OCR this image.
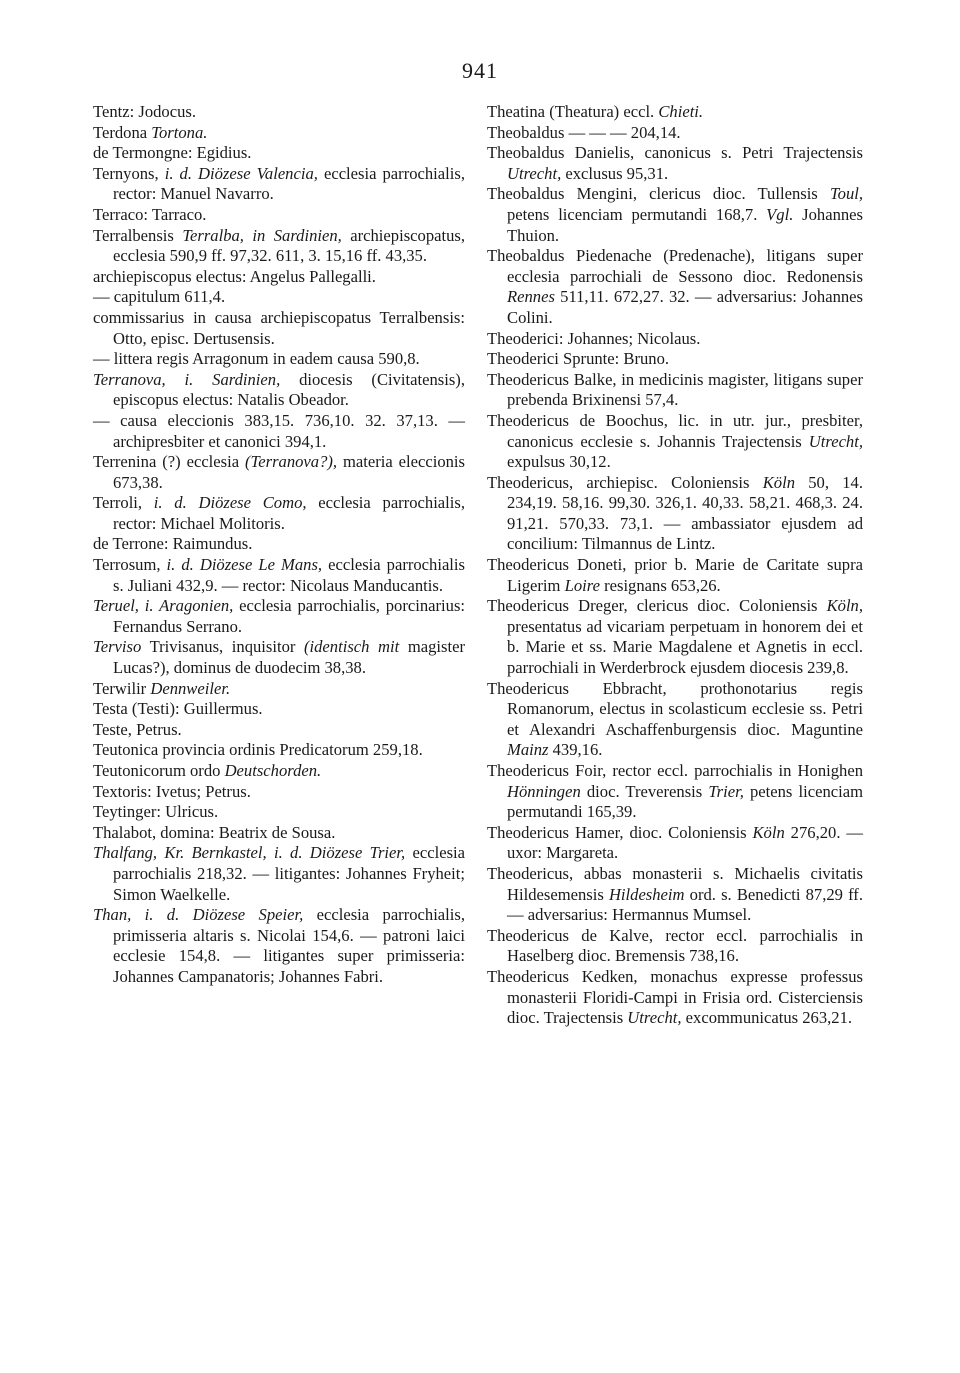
941
Tentz: Jodocus.
Terdona Tortona.
de Termongne: Egidius.
Ternyons, i. d. Diözese Valencia, ecclesia parrochialis, rector: Manuel Navarro.
Terraco: Tarraco.
Terralbensis Terralba, in Sardinien, archiepiscopatus, ecclesia 590,9 ff. 97,32. 611, 3. 15,16 ff. 43,35.
archiepiscopus electus: Angelus Pallegalli.
— capitulum 611,4.
commissarius in causa archiepiscopatus Terralbensis: Otto, episc. Dertusensis.
— littera regis Arragonum in eadem causa 590,8.
Terranova, i. Sardinien, diocesis (Civitatensis), episcopus electus: Natalis Obeador.
— causa eleccionis 383,15. 736,10. 32. 37,13. — archipresbiter et canonici 394,1.
Terrenina (?) ecclesia (Terranova?), materia eleccionis 673,38.
Terroli, i. d. Diözese Como, ecclesia parrochialis, rector: Michael Molitoris.
de Terrone: Raimundus.
Terrosum, i. d. Diözese Le Mans, ecclesia parrochialis s. Juliani 432,9. — rector: Nicolaus Manducantis.
Teruel, i. Aragonien, ecclesia parrochialis, porcinarius: Fernandus Serrano.
Terviso Trivisanus, inquisitor (identisch mit magister Lucas?), dominus de duodecim 38,38.
Terwilir Dennweiler.
Testa (Testi): Guillermus.
Teste, Petrus.
Teutonica provincia ordinis Predicatorum 259,18.
Teutonicorum ordo Deutschorden.
Textoris: Ivetus; Petrus.
Teytinger: Ulricus.
Thalabot, domina: Beatrix de Sousa.
Thalfang, Kr. Bernkastel, i. d. Diözese Trier, ecclesia parrochialis 218,32. — litigantes: Johannes Fryheit; Simon Waelkelle.
Than, i. d. Diözese Speier, ecclesia parrochialis, primisseria altaris s. Nicolai 154,6. — patroni laici ecclesie 154,8. — litigantes super primisseria: Johannes Campanatoris; Johannes Fabri.
Theatina (Theatura) eccl. Chieti.
Theobaldus — — — 204,14.
Theobaldus Danielis, canonicus s. Petri Trajectensis Utrecht, exclusus 95,31.
Theobaldus Mengini, clericus dioc. Tullensis Toul, petens licenciam permutandi 168,7. Vgl. Johannes Thuion.
Theobaldus Piedenache (Predenache), litigans super ecclesia parrochiali de Sessono dioc. Redonensis Rennes 511,11. 672,27. 32. — adversarius: Johannes Colini.
Theoderici: Johannes; Nicolaus.
Theoderici Sprunte: Bruno.
Theodericus Balke, in medicinis magister, litigans super prebenda Brixinensi 57,4.
Theodericus de Boochus, lic. in utr. jur., presbiter, canonicus ecclesie s. Johannis Trajectensis Utrecht, expulsus 30,12.
Theodericus, archiepisc. Coloniensis Köln 50, 14. 234,19. 58,16. 99,30. 326,1. 40,33. 58,21. 468,3. 24. 91,21. 570,33. 73,1. — ambassiator ejusdem ad concilium: Tilmannus de Lintz.
Theodericus Doneti, prior b. Marie de Caritate supra Ligerim Loire resignans 653,26.
Theodericus Dreger, clericus dioc. Coloniensis Köln, presentatus ad vicariam perpetuam in honorem dei et b. Marie et ss. Marie Magdalene et Agnetis in eccl. parrochiali in Werderbrock ejusdem diocesis 239,8.
Theodericus Ebbracht, prothonotarius regis Romanorum, electus in scolasticum ecclesie ss. Petri et Alexandri Aschaffenburgensis dioc. Maguntine Mainz 439,16.
Theodericus Foir, rector eccl. parrochialis in Honighen Hönningen dioc. Treverensis Trier, petens licenciam permutandi 165,39.
Theodericus Hamer, dioc. Coloniensis Köln 276,20. — uxor: Margareta.
Theodericus, abbas monasterii s. Michaelis civitatis Hildesemensis Hildesheim ord. s. Benedicti 87,29 ff. — adversarius: Hermannus Mumsel.
Theodericus de Kalve, rector eccl. parrochialis in Haselberg dioc. Bremensis 738,16.
Theodericus Kedken, monachus expresse professus monasterii Floridi-Campi in Frisia ord. Cisterciensis dioc. Trajectensis Utrecht, excommunicatus 263,21.
